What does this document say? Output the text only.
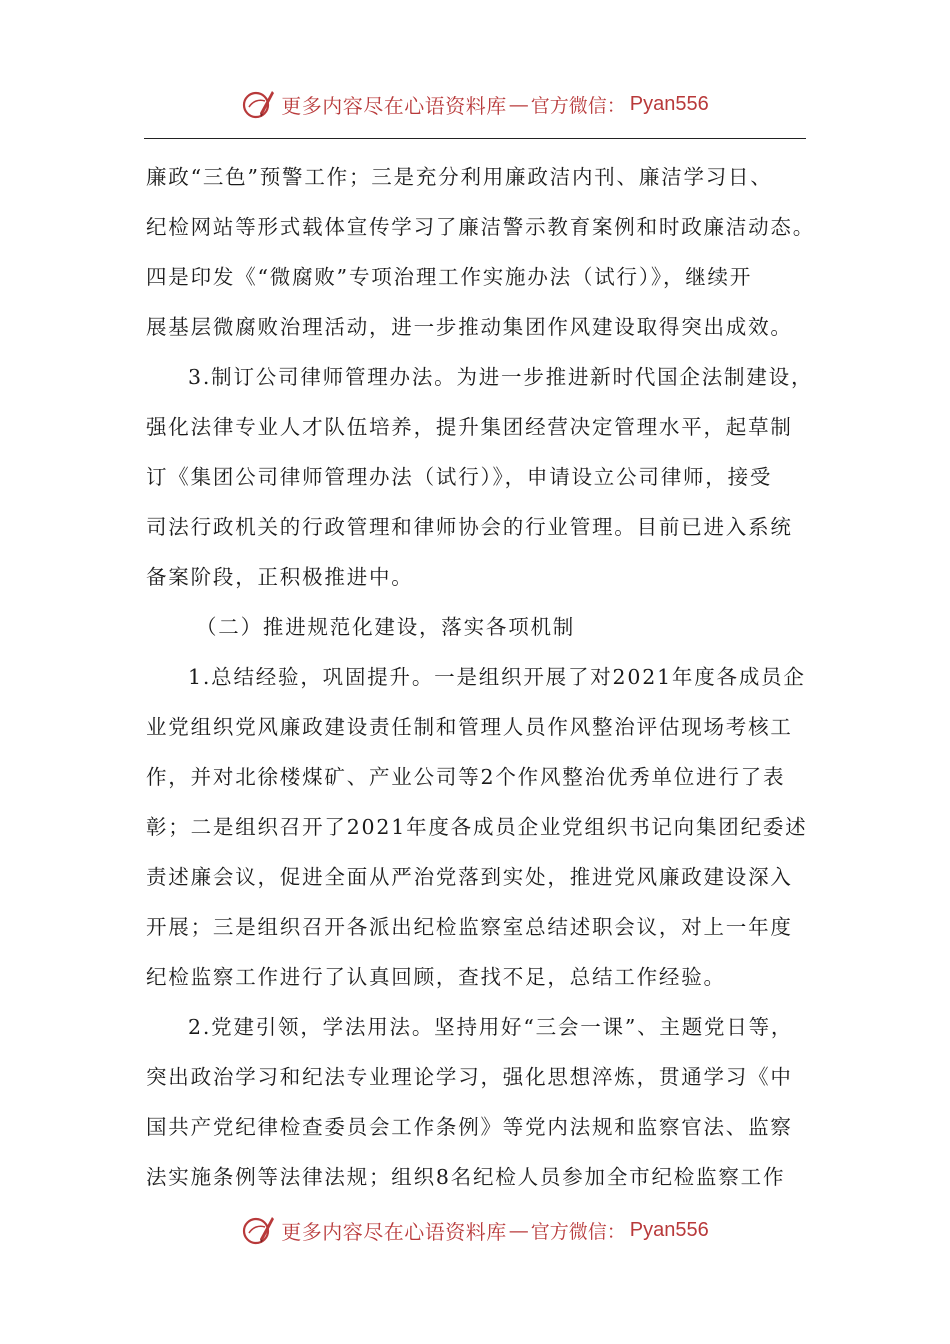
更多内容尽在心语资料库 — 官方微信： Pyan556
廉政“三色”预警工作；三是充分利用廉政洁内刊、廉洁学习日、
纪检网站等形式载体宣传学习了廉洁警示教育案例和时政廉洁动态。
四是印发《“微腐败”专项治理工作实施办法（试行）》，继续开
展基层微腐败治理活动，进一步推动集团作风建设取得突出成效。
3.制订公司律师管理办法。为进一步推进新时代国企法制建设，
强化法律专业人才队伍培养，提升集团经营决定管理水平，起草制
订《集团公司律师管理办法（试行）》，申请设立公司律师，接受
司法行政机关的行政管理和律师协会的行业管理。目前已进入系统
备案阶段，正积极推进中。
（二）推进规范化建设，落实各项机制
1.总结经验，巩固提升。一是组织开展了对2021年度各成员企
业党组织党风廉政建设责任制和管理人员作风整治评估现场考核工
作，并对北徐楼煤矿、产业公司等2个作风整治优秀单位进行了表
彰；二是组织召开了2021年度各成员企业党组织书记向集团纪委述
责述廉会议，促进全面从严治党落到实处，推进党风廉政建设深入
开展；三是组织召开各派出纪检监察室总结述职会议，对上一年度
纪检监察工作进行了认真回顾，查找不足，总结工作经验。
2.党建引领，学法用法。坚持用好“三会一课”、主题党日等，
突出政治学习和纪法专业理论学习，强化思想淬炼，贯通学习《中
国共产党纪律检查委员会工作条例》等党内法规和监察官法、监察
法实施条例等法律法规；组织8名纪检人员参加全市纪检监察工作
更多内容尽在心语资料库 — 官方微信： Pyan556
